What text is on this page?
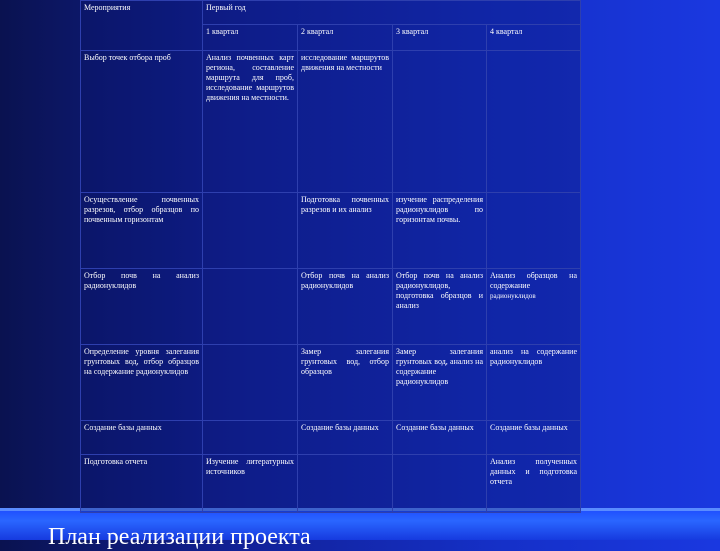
Мероприятия	Первый год			
	1 квартал	2 квартал	3 квартал	4 квартал
Выбор точек отбора проб	Анализ почвенных карт региона, составление маршрута для проб, исследование маршрутов движения на местности.	исследование маршрутов движения на местности		
Осуществление почвенных разрезов, отбор образцов по почвенным горизонтам		Подготовка почвенных разрезов и их анализ	изучение распределения радионуклидов по горизонтам почвы.	
Отбор почв на анализ радионуклидов		Отбор почв на анализ радионуклидов	Отбор почв на анализ радионуклидов, подготовка образцов и анализ	Анализ образцов на содержание радионуклидов
Определение уровня залегания грунтовых вод, отбор образцов на содержание радионуклидов		Замер залегания грунтовых вод, отбор образцов	Замер залегания грунтовых вод, анализ на содержание радионуклидов	анализ на содержание радионуклидов
Создание базы данных		Создание базы данных	Создание базы данных	Создание базы данных
Подготовка отчета	Изучение литературных источников			Анализ полученных данных и подготовка отчета
План реализации проекта
